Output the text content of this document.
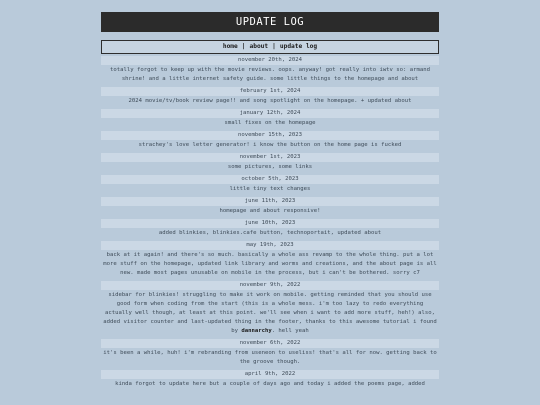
UPDATE LOG
home | about | update log
november 20th, 2024
totally forgot to keep up with the movie reviews. oops. anyway! got really into iwtv so: armand shrine! and a little internet safety guide. some little things to the homepage and about
february 1st, 2024
2024 movie/tv/book review page!! and song spotlight on the homepage. + updated about
january 12th, 2024
small fixes on the homepage
november 15th, 2023
strachey's love letter generator! i know the button on the home page is fucked
november 1st, 2023
some pictures, some links
october 5th, 2023
little tiny text changes
june 11th, 2023
homepage and about responsive!
june 10th, 2023
added blinkies, blinkies.cafe button, technoportait, updated about
may 19th, 2023
back at it again! and there's so much. basically a whole ass revamp to the whole thing. put a lot more stuff on the homepage, updated link library and worms and creations, and the about page is all new. made most pages unusable on mobile in the process, but i can't be bothered. sorry c7
november 9th, 2022
sidebar for blinkies! struggling to make it work on mobile. getting reminded that you should use good form when coding from the start (this is a whole mess. i'm too lazy to redo everything actually well though, at least at this point. we'll see when i want to add more stuff, heh!) also, added visitor counter and last-updated thing in the footer, thanks to this awesome tutorial i found by dannarchy. hell yeah
november 6th, 2022
it's been a while, huh! i'm rebranding from useneon to useliss! that's all for now. getting back to the groove though.
april 9th, 2022
kinda forgot to update here but a couple of days ago and today i added the poems page, added
